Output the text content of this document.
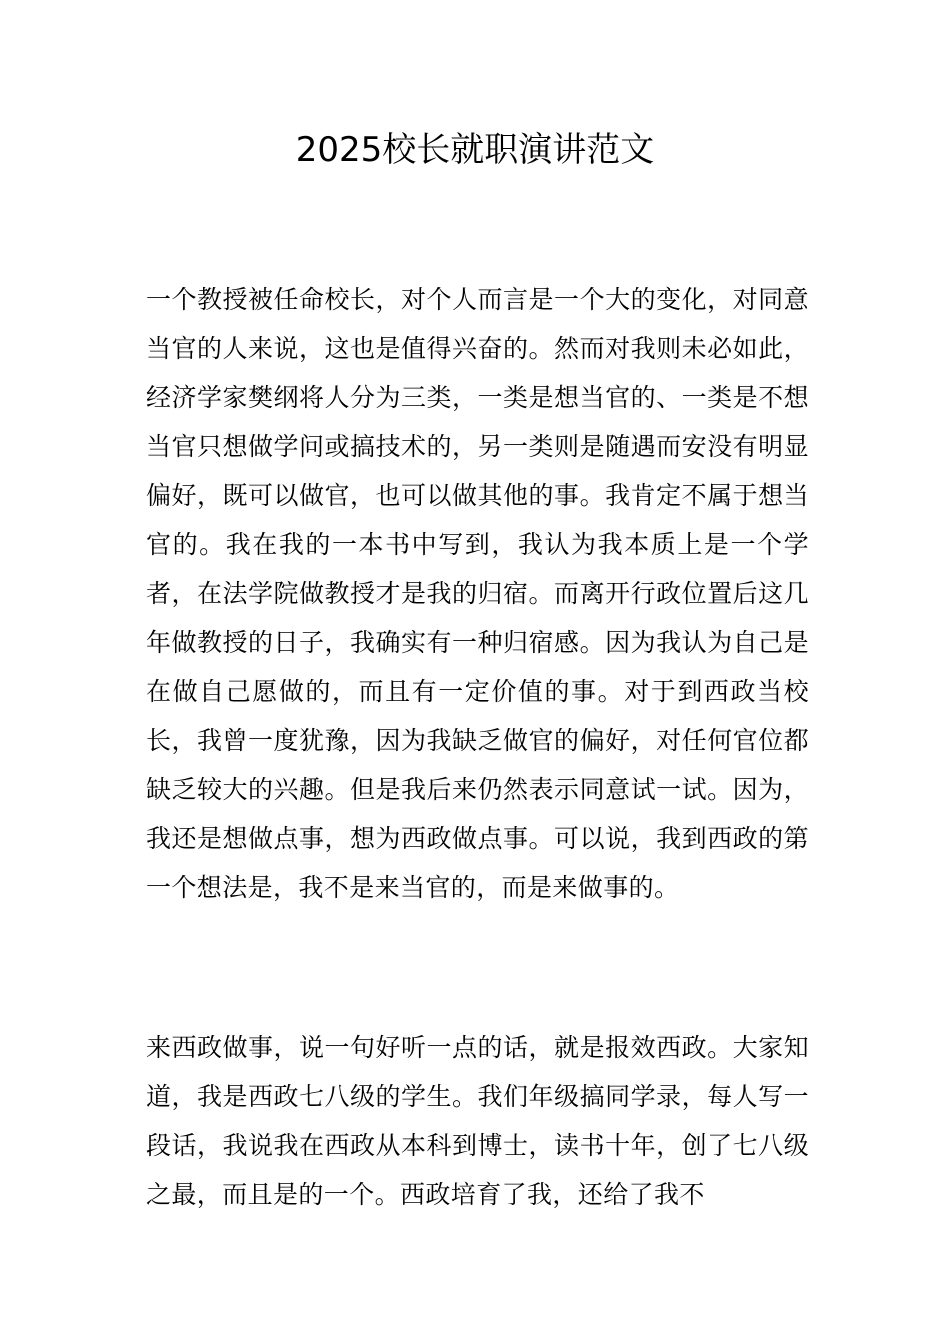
2025校长就职演讲范文

一个教授被任命校长，对个人而言是一个大的变化，对同意当官的人来说，这也是值得兴奋的。然而对我则未必如此，经济学家樊纲将人分为三类，一类是想当官的、一类是不想当官只想做学问或搞技术的，另一类则是随遇而安没有明显偏好，既可以做官，也可以做其他的事。我肯定不属于想当官的。我在我的一本书中写到，我认为我本质上是一个学者，在法学院做教授才是我的归宿。而离开行政位置后这几年做教授的日子，我确实有一种归宿感。因为我认为自己是在做自己愿做的，而且有一定价值的事。对于到西政当校长，我曾一度犹豫，因为我缺乏做官的偏好，对任何官位都缺乏较大的兴趣。但是我后来仍然表示同意试一试。因为，我还是想做点事，想为西政做点事。可以说，我到西政的第一个想法是，我不是来当官的，而是来做事的。

来西政做事，说一句好听一点的话，就是报效西政。大家知道，我是西政七八级的学生。我们年级搞同学录，每人写一段话，我说我在西政从本科到博士，读书十年，创了七八级之最，而且是的一个。西政培育了我，还给了我不
